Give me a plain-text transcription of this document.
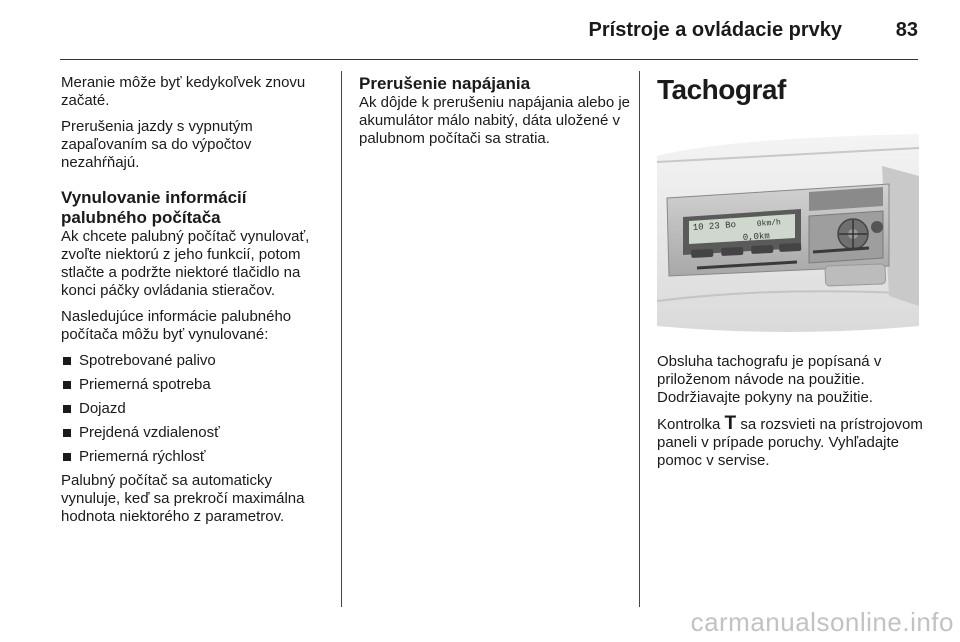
Prístroje a ovládacie prvky	83

Meranie môže byť kedykoľvek znovu začaté.

Prerušenia jazdy s vypnutým zapaľovaním sa do výpočtov nezahŕňajú.

Vynulovanie informácií palubného počítača

Ak chcete palubný počítač vynulovať, zvoľte niektorú z jeho funkcií, potom stlačte a podržte niektoré tlačidlo na konci páčky ovládania stieračov.

Nasledujúce informácie palubného počítača môžu byť vynulované:

Spotrebované palivo
Priemerná spotreba
Dojazd
Prejdená vzdialenosť
Priemerná rýchlosť

Palubný počítač sa automaticky vynuluje, keď sa prekročí maximálna hodnota niektorého z parametrov.

Prerušenie napájania

Ak dôjde k prerušeniu napájania alebo je akumulátor málo nabitý, dáta uložené v palubnom počítači sa stratia.

Tachograf
10 23 Bo	0km/h
0,0km

Obsluha tachografu je popísaná v priloženom návode na použitie. Dodržiavajte pokyny na použitie.

Kontrolka T sa rozsvieti na prístrojovom paneli v prípade poruchy. Vyhľadajte pomoc v servise.

carmanualsonline.info
